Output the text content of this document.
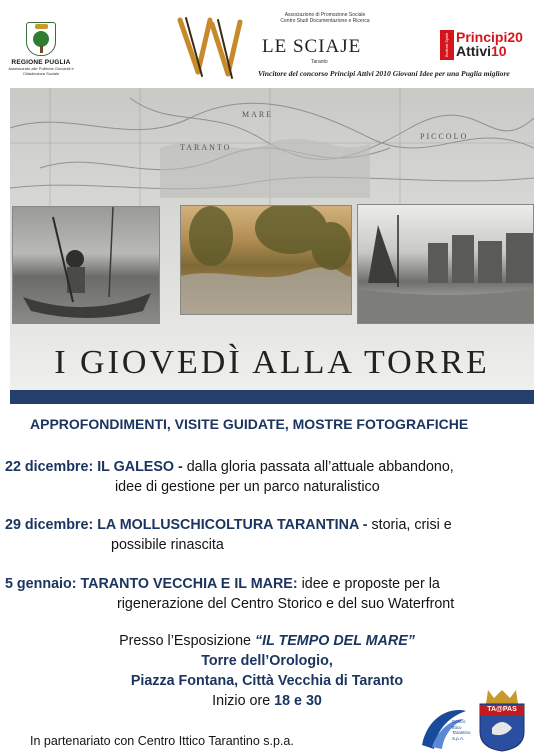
REGIONE PUGLIA
Assessorato alle Politiche Giovanili e Cittadinanza Sociale
Associazione di Promozione Sociale
Centro Studi Documentazione e Ricerca
LE SCIAJE
Taranto
Vincitore del concorso Principi Attivi 2010 Giovani Idee per una Puglia migliore
Bollenti Spiriti Principi20
Attivi10
MARE
PICCOLO
TARANTO
I GIOVEDÌ ALLA TORRE
APPROFONDIMENTI, VISITE GUIDATE, MOSTRE FOTOGRAFICHE
22 dicembre: IL GALESO - dalla gloria passata all’attuale abbandono,
idee di gestione per un parco naturalistico
29 dicembre: LA MOLLUSCHICOLTURA TARANTINA - storia, crisi e
possibile rinascita
5 gennaio: TARANTO VECCHIA E IL MARE: idee e proposte per la
rigenerazione del Centro Storico e del suo Waterfront
Presso l’Esposizione “IL TEMPO DEL MARE”
Torre dell’Orologio,
Piazza Fontana, Città Vecchia di Taranto
Inizio ore 18 e 30
In partenariato con Centro Ittico Tarantino s.p.a.
Centro Ittico Tarantino S.p.A.
TA@PAS
